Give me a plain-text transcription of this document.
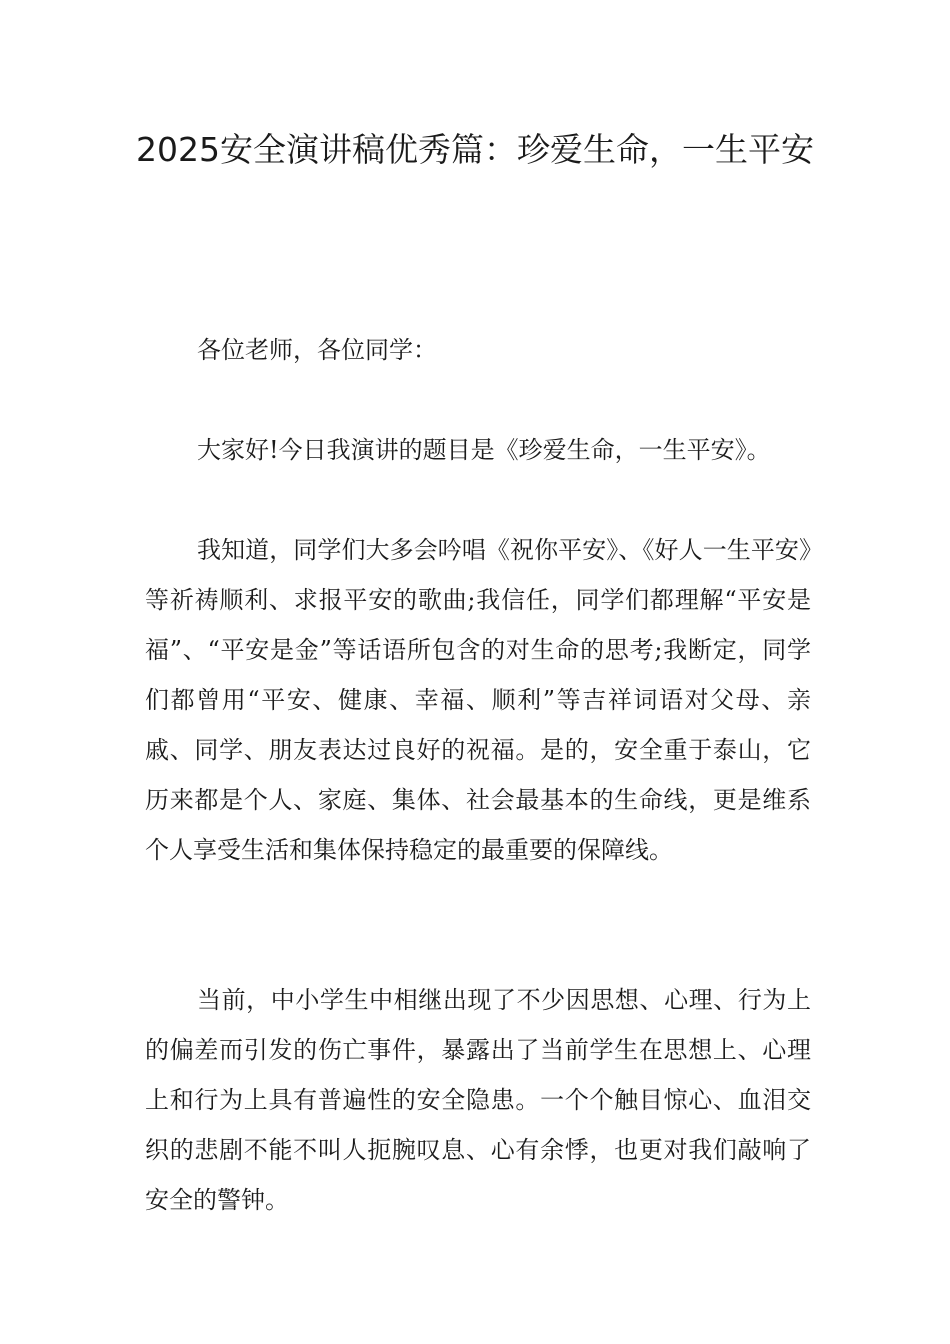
2025安全演讲稿优秀篇：珍爱生命，一生平安

各位老师，各位同学：

大家好!今日我演讲的题目是《珍爱生命，一生平安》。

我知道，同学们大多会吟唱《祝你平安》、《好人一生平安》等祈祷顺利、求报平安的歌曲;我信任，同学们都理解“平安是福”、“平安是金”等话语所包含的对生命的思考;我断定，同学们都曾用“平安、健康、幸福、顺利”等吉祥词语对父母、亲戚、同学、朋友表达过良好的祝福。是的，安全重于泰山，它历来都是个人、家庭、集体、社会最基本的生命线，更是维系个人享受生活和集体保持稳定的最重要的保障线。

当前，中小学生中相继出现了不少因思想、心理、行为上的偏差而引发的伤亡事件，暴露出了当前学生在思想上、心理上和行为上具有普遍性的安全隐患。一个个触目惊心、血泪交织的悲剧不能不叫人扼腕叹息、心有余悸，也更对我们敲响了安全的警钟。
